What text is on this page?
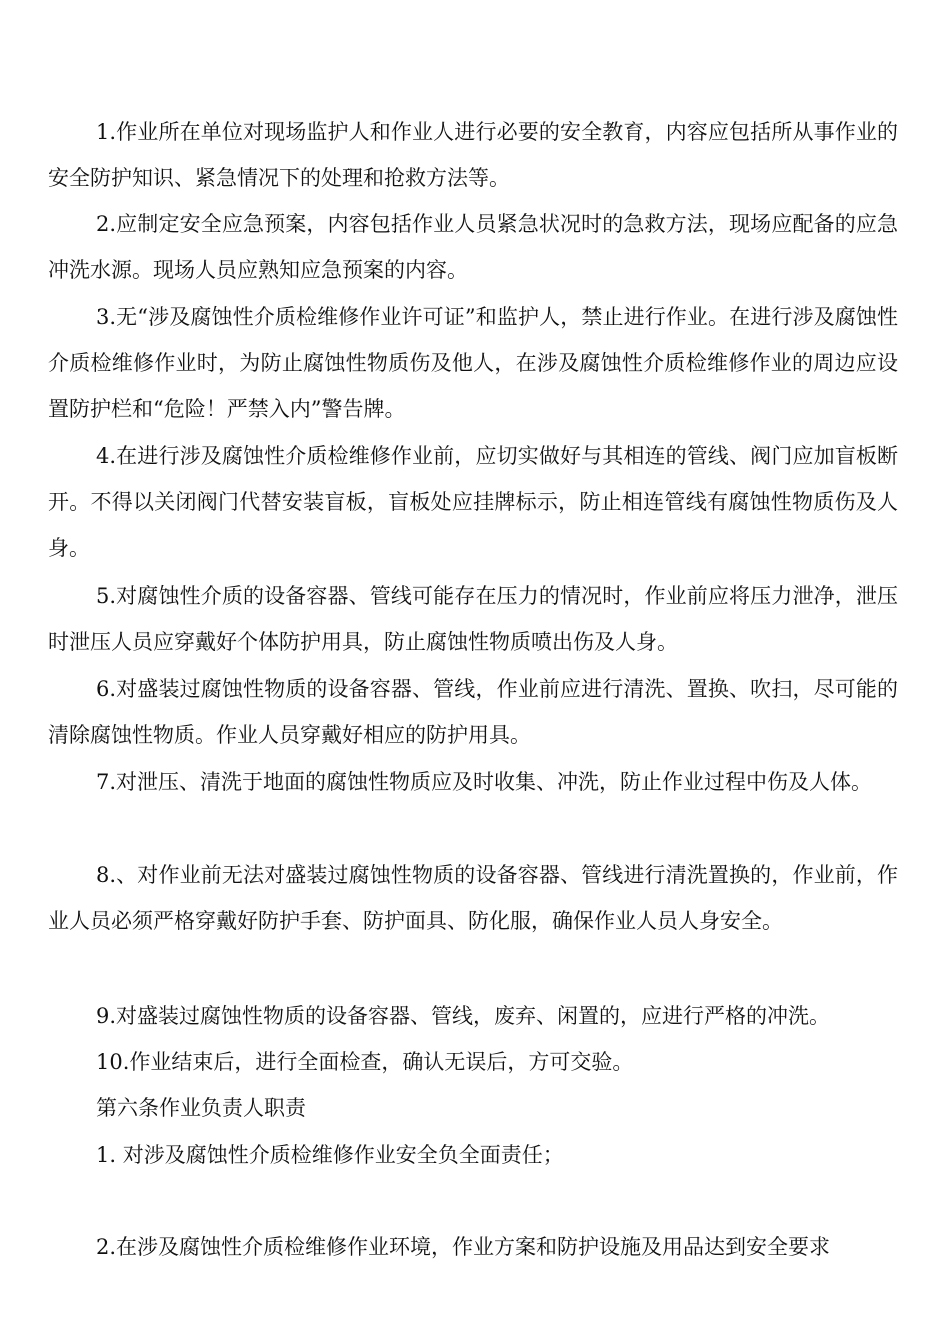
1.作业所在单位对现场监护人和作业人进行必要的安全教育，内容应包括所从事作业的安全防护知识、紧急情况下的处理和抢救方法等。

2.应制定安全应急预案，内容包括作业人员紧急状况时的急救方法，现场应配备的应急冲洗水源。现场人员应熟知应急预案的内容。

3.无“涉及腐蚀性介质检维修作业许可证”和监护人，禁止进行作业。在进行涉及腐蚀性介质检维修作业时，为防止腐蚀性物质伤及他人，在涉及腐蚀性介质检维修作业的周边应设置防护栏和“危险！严禁入内”警告牌。

4.在进行涉及腐蚀性介质检维修作业前，应切实做好与其相连的管线、阀门应加盲板断开。不得以关闭阀门代替安装盲板，盲板处应挂牌标示，防止相连管线有腐蚀性物质伤及人身。

5.对腐蚀性介质的设备容器、管线可能存在压力的情况时，作业前应将压力泄净，泄压时泄压人员应穿戴好个体防护用具，防止腐蚀性物质喷出伤及人身。

6.对盛装过腐蚀性物质的设备容器、管线，作业前应进行清洗、置换、吹扫，尽可能的清除腐蚀性物质。作业人员穿戴好相应的防护用具。

7.对泄压、清洗于地面的腐蚀性物质应及时收集、冲洗，防止作业过程中伤及人体。

8.、对作业前无法对盛装过腐蚀性物质的设备容器、管线进行清洗置换的，作业前，作业人员必须严格穿戴好防护手套、防护面具、防化服，确保作业人员人身安全。

9.对盛装过腐蚀性物质的设备容器、管线，废弃、闲置的，应进行严格的冲洗。

10.作业结束后，进行全面检查，确认无误后，方可交验。

第六条作业负责人职责

1. 对涉及腐蚀性介质检维修作业安全负全面责任；

2.在涉及腐蚀性介质检维修作业环境，作业方案和防护设施及用品达到安全要求
